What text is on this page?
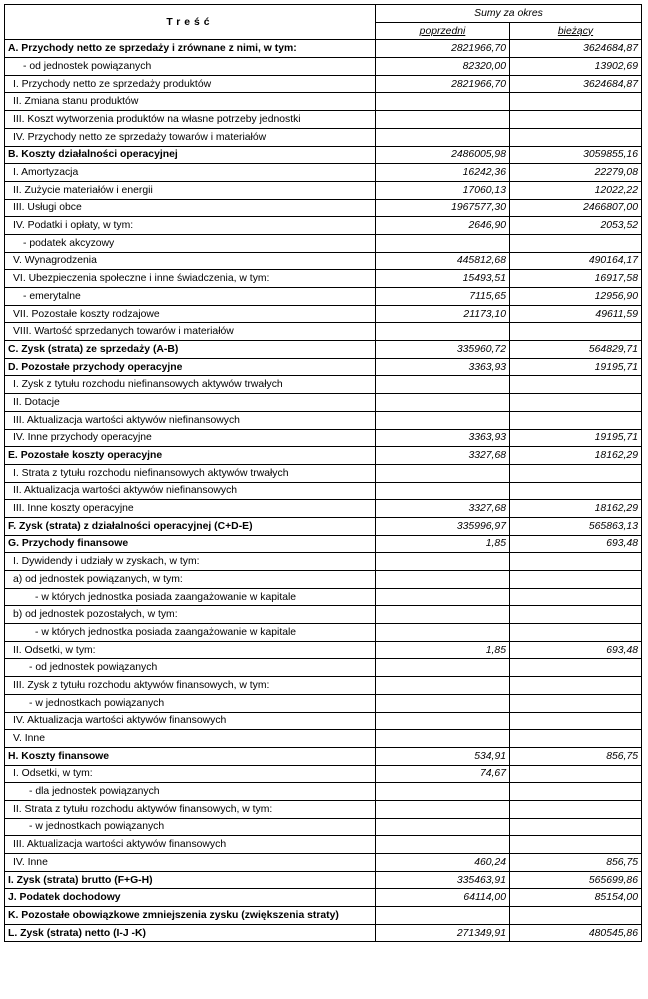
Treść	Sumy za okres	
	poprzedni	bieżący
A. Przychody netto ze sprzedaży i zrównane z nimi, w tym:	2821966,70	3624684,87
- od jednostek powiązanych	82320,00	13902,69
I. Przychody netto ze sprzedaży produktów	2821966,70	3624684,87
II. Zmiana stanu produktów		
III. Koszt wytworzenia produktów na własne potrzeby jednostki		
IV. Przychody netto ze sprzedaży towarów i materiałów		
B. Koszty działalności operacyjnej	2486005,98	3059855,16
I. Amortyzacja	16242,36	22279,08
II. Zużycie materiałów i energii	17060,13	12022,22
III. Usługi obce	1967577,30	2466807,00
IV. Podatki i opłaty, w tym:	2646,90	2053,52
- podatek akcyzowy		
V. Wynagrodzenia	445812,68	490164,17
VI. Ubezpieczenia społeczne i inne świadczenia, w tym:	15493,51	16917,58
- emerytalne	7115,65	12956,90
VII. Pozostałe koszty rodzajowe	21173,10	49611,59
VIII. Wartość sprzedanych towarów i materiałów		
C. Zysk (strata) ze sprzedaży (A-B)	335960,72	564829,71
D. Pozostałe przychody operacyjne	3363,93	19195,71
I. Zysk z tytułu rozchodu niefinansowych aktywów trwałych		
II. Dotacje		
III. Aktualizacja wartości aktywów niefinansowych		
IV. Inne przychody operacyjne	3363,93	19195,71
E. Pozostałe koszty operacyjne	3327,68	18162,29
I. Strata z tytułu rozchodu niefinansowych aktywów trwałych		
II. Aktualizacja wartości aktywów niefinansowych		
III. Inne koszty operacyjne	3327,68	18162,29
F. Zysk (strata) z działalności operacyjnej (C+D-E)	335996,97	565863,13
G. Przychody finansowe	1,85	693,48
I. Dywidendy i udziały w zyskach, w tym:		
a) od jednostek powiązanych, w tym:		
- w których jednostka posiada zaangażowanie w kapitale		
b) od jednostek pozostałych, w tym:		
- w których jednostka posiada zaangażowanie w kapitale		
II. Odsetki, w tym:	1,85	693,48
- od jednostek powiązanych		
III. Zysk z tytułu rozchodu aktywów finansowych, w tym:		
- w jednostkach powiązanych		
IV. Aktualizacja wartości aktywów finansowych		
V. Inne		
H. Koszty finansowe	534,91	856,75
I. Odsetki, w tym:	74,67	
- dla jednostek powiązanych		
II. Strata z tytułu rozchodu aktywów finansowych, w tym:		
- w jednostkach powiązanych		
III. Aktualizacja wartości aktywów finansowych		
IV. Inne	460,24	856,75
I. Zysk (strata) brutto (F+G-H)	335463,91	565699,86
J. Podatek dochodowy	64114,00	85154,00
K. Pozostałe obowiązkowe zmniejszenia zysku (zwiększenia straty)		
L. Zysk (strata) netto (I-J -K)	271349,91	480545,86
